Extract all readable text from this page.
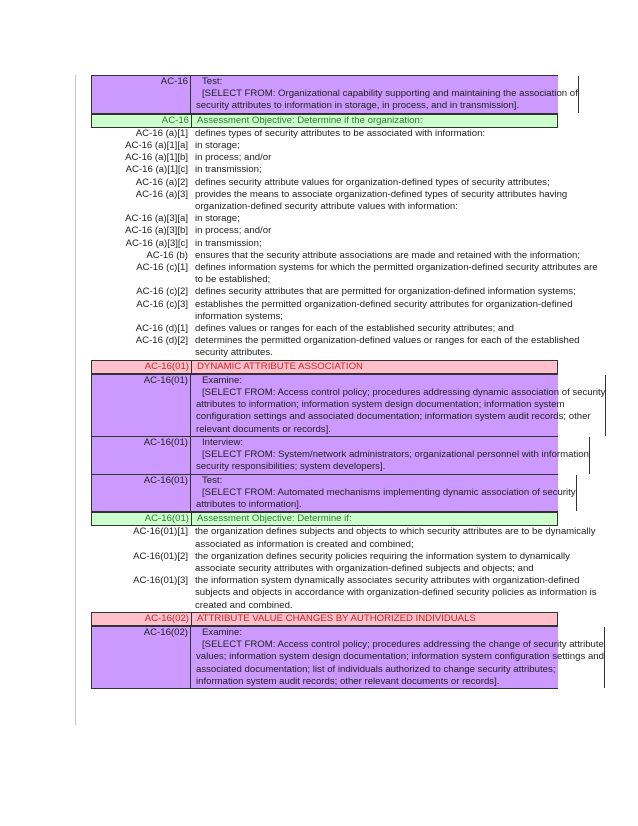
AC-16	Test:
[SELECT FROM: Organizational capability supporting and maintaining the association of
security attributes to information in storage, in process, and in transmission].
AC-16 Assessment Objective: Determine if the organization:
AC-16 (a)[1] defines types of security attributes to be associated with information:
AC-16 (a)[1][a] in storage;
AC-16 (a)[1][b] in process; and/or
AC-16 (a)[1][c] in transmission;
AC-16 (a)[2] defines security attribute values for organization-defined types of security attributes;
AC-16 (a)[3] provides the means to associate organization-defined types of security attributes having
organization-defined security attribute values with information:
AC-16 (a)[3][a] in storage;
AC-16 (a)[3][b] in process; and/or
AC-16 (a)[3][c] in transmission;
AC-16 (b) ensures that the security attribute associations are made and retained with the information;
AC-16 (c)[1] defines information systems for which the permitted organization-defined security attributes are
to be established;
AC-16 (c)[2] defines security attributes that are permitted for organization-defined information systems;
AC-16 (c)[3] establishes the permitted organization-defined security attributes for organization-defined
information systems;
AC-16 (d)[1] defines values or ranges for each of the established security attributes; and
AC-16 (d)[2] determines the permitted organization-defined values or ranges for each of the established
security attributes.
AC-16(01) DYNAMIC ATTRIBUTE ASSOCIATION
AC-16(01)	Examine:
[SELECT FROM: Access control policy; procedures addressing dynamic association of security
attributes to information; information system design documentation; information system
configuration settings and associated documentation; information system audit records; other
relevant documents or records].
AC-16(01)	Interview:
[SELECT FROM: System/network administrators; organizational personnel with information
security responsibilities; system developers].
AC-16(01)	Test:
[SELECT FROM: Automated mechanisms implementing dynamic association of security
attributes to information].
AC-16(01) Assessment Objective: Determine if:
AC-16(01)[1] the organization defines subjects and objects to which security attributes are to be dynamically
associated as information is created and combined;
AC-16(01)[2] the organization defines security policies requiring the information system to dynamically
associate security attributes with organization-defined subjects and objects; and
AC-16(01)[3] the information system dynamically associates security attributes with organization-defined
subjects and objects in accordance with organization-defined security policies as information is
created and combined.
AC-16(02) ATTRIBUTE VALUE CHANGES BY AUTHORIZED INDIVIDUALS
AC-16(02)	Examine:
[SELECT FROM: Access control policy; procedures addressing the change of security attribute
values; information system design documentation; information system configuration settings and
associated documentation; list of individuals authorized to change security attributes;
information system audit records; other relevant documents or records].
